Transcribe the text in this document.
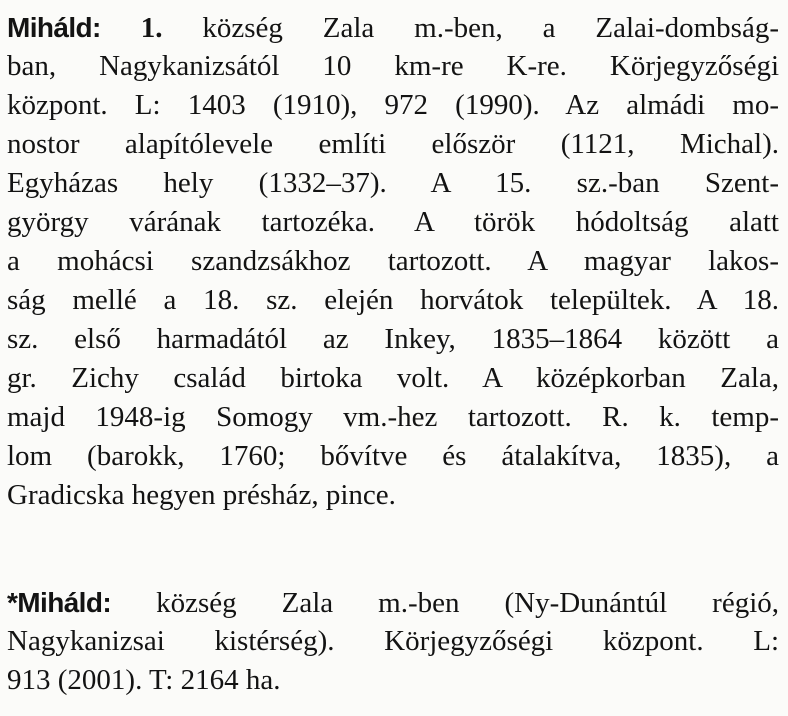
Miháld: 1. község Zala m.-ben, a Zalai-dombság-
ban, Nagykanizsától 10 km-re K-re. Körjegyzőségi
központ. L: 1403 (1910), 972 (1990). Az almádi mo-
nostor alapítólevele említi először (1121, Michal).
Egyházas hely (1332–37). A 15. sz.-ban Szent-
györgy várának tartozéka. A török hódoltság alatt
a mohácsi szandzsákhoz tartozott. A magyar lakos-
ság mellé a 18. sz. elején horvátok települtek. A 18.
sz. első harmadától az Inkey, 1835–1864 között a
gr. Zichy család birtoka volt. A középkorban Zala,
majd 1948-ig Somogy vm.-hez tartozott. R. k. temp-
lom (barokk, 1760; bővítve és átalakítva, 1835), a
Gradicska hegyen présház, pince.
*Miháld: község Zala m.-ben (Ny-Dunántúl régió,
Nagykanizsai kistérség). Körjegyzőségi központ. L:
913 (2001). T: 2164 ha.
